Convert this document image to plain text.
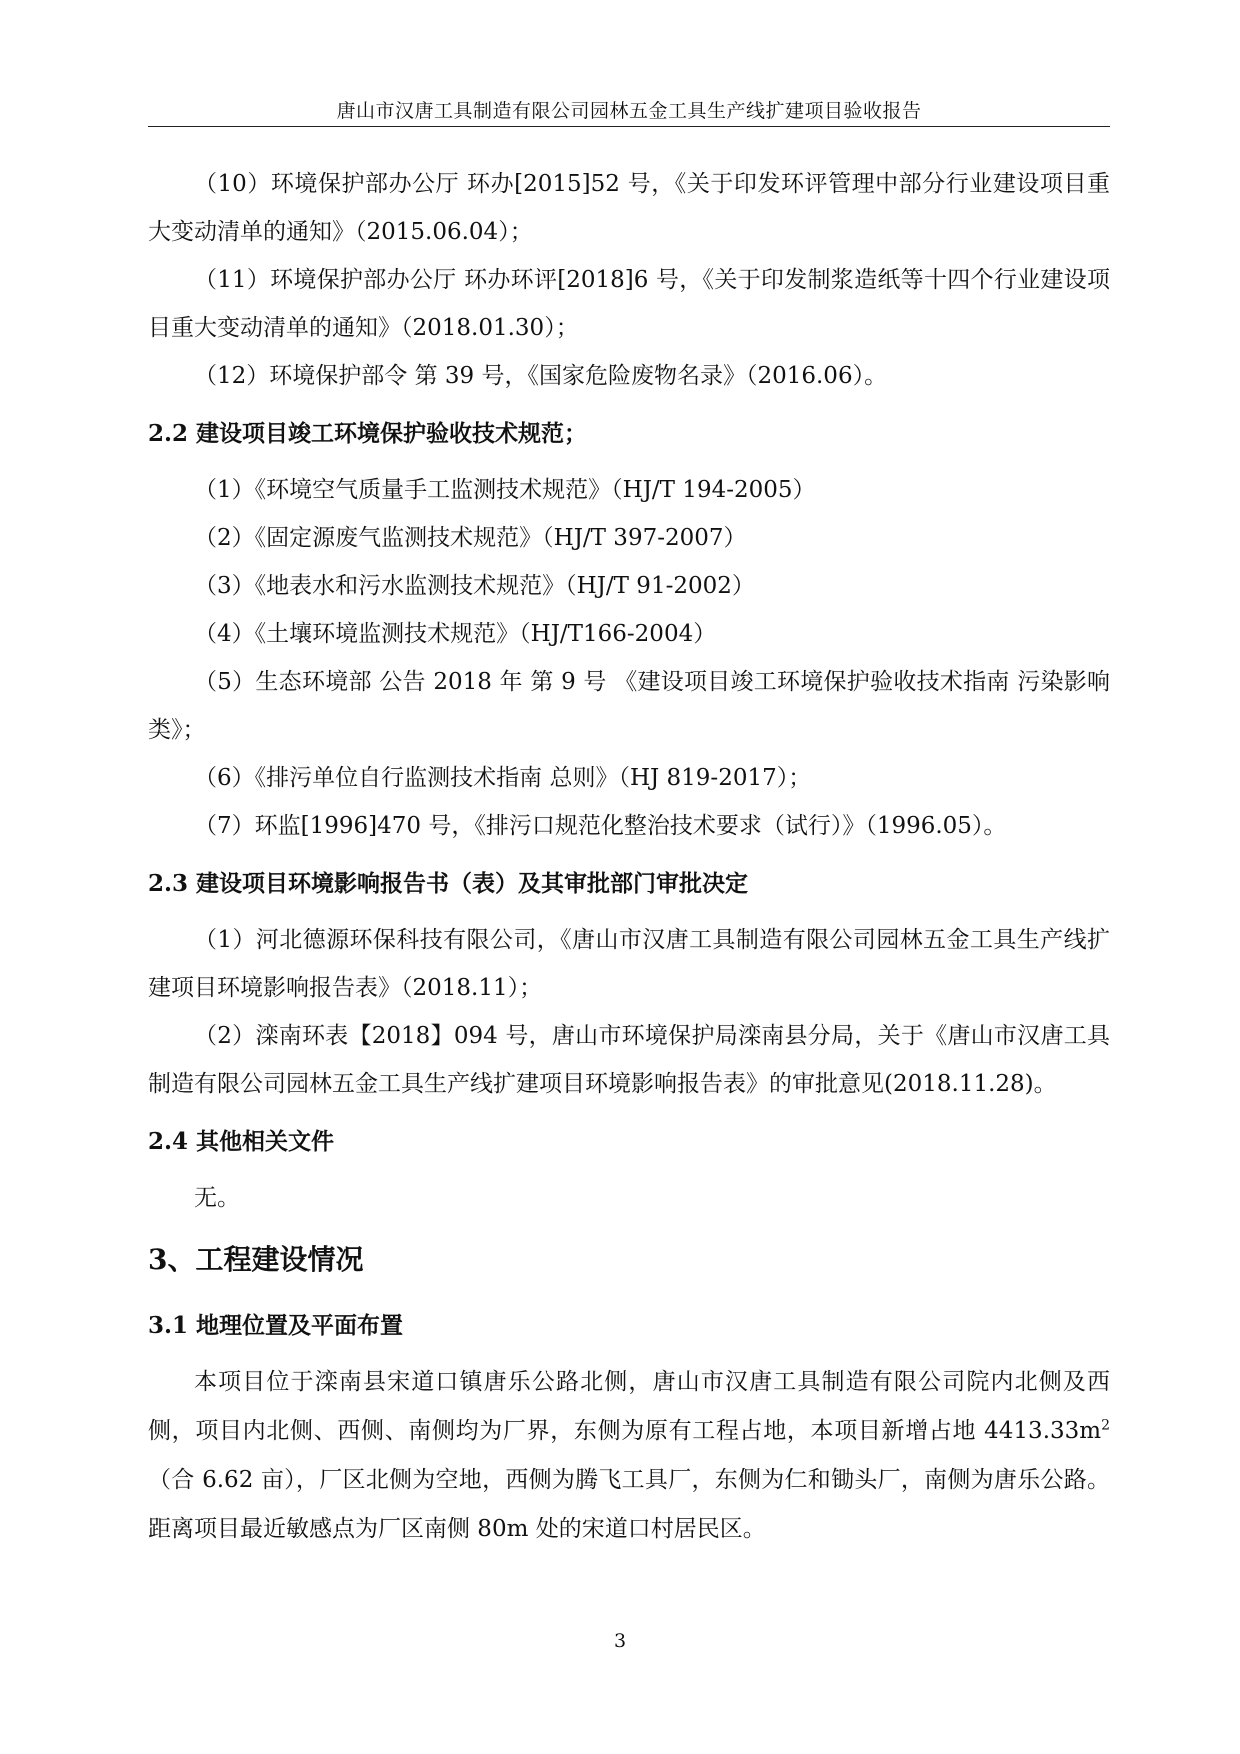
唐山市汉唐工具制造有限公司园林五金工具生产线扩建项目验收报告

（10）环境保护部办公厅 环办[2015]52 号，《关于印发环评管理中部分行业建设项目重大变动清单的通知》（2015.06.04）；

（11）环境保护部办公厅 环办环评[2018]6 号，《关于印发制浆造纸等十四个行业建设项目重大变动清单的通知》（2018.01.30）；

（12）环境保护部令 第 39 号，《国家危险废物名录》（2016.06）。

2.2 建设项目竣工环境保护验收技术规范；

（1）《环境空气质量手工监测技术规范》（HJ/T 194-2005）

（2）《固定源废气监测技术规范》（HJ/T 397-2007）

（3）《地表水和污水监测技术规范》（HJ/T 91-2002）

（4）《土壤环境监测技术规范》（HJ/T166-2004）

（5）生态环境部 公告 2018 年 第 9 号 《建设项目竣工环境保护验收技术指南 污染影响类》；

（6）《排污单位自行监测技术指南 总则》（HJ 819-2017）；

（7）环监[1996]470 号，《排污口规范化整治技术要求（试行）》（1996.05）。

2.3 建设项目环境影响报告书（表）及其审批部门审批决定

（1）河北德源环保科技有限公司，《唐山市汉唐工具制造有限公司园林五金工具生产线扩建项目环境影响报告表》（2018.11）；

（2）滦南环表【2018】094 号，唐山市环境保护局滦南县分局，关于《唐山市汉唐工具制造有限公司园林五金工具生产线扩建项目环境影响报告表》的审批意见(2018.11.28)。

2.4 其他相关文件

无。

3、工程建设情况

3.1 地理位置及平面布置

本项目位于滦南县宋道口镇唐乐公路北侧，唐山市汉唐工具制造有限公司院内北侧及西侧，项目内北侧、西侧、南侧均为厂界，东侧为原有工程占地，本项目新增占地 $4413.33m^2$（合 6.62 亩），厂区北侧为空地，西侧为腾飞工具厂，东侧为仁和锄头厂，南侧为唐乐公路。距离项目最近敏感点为厂区南侧 80m 处的宋道口村居民区。

3
